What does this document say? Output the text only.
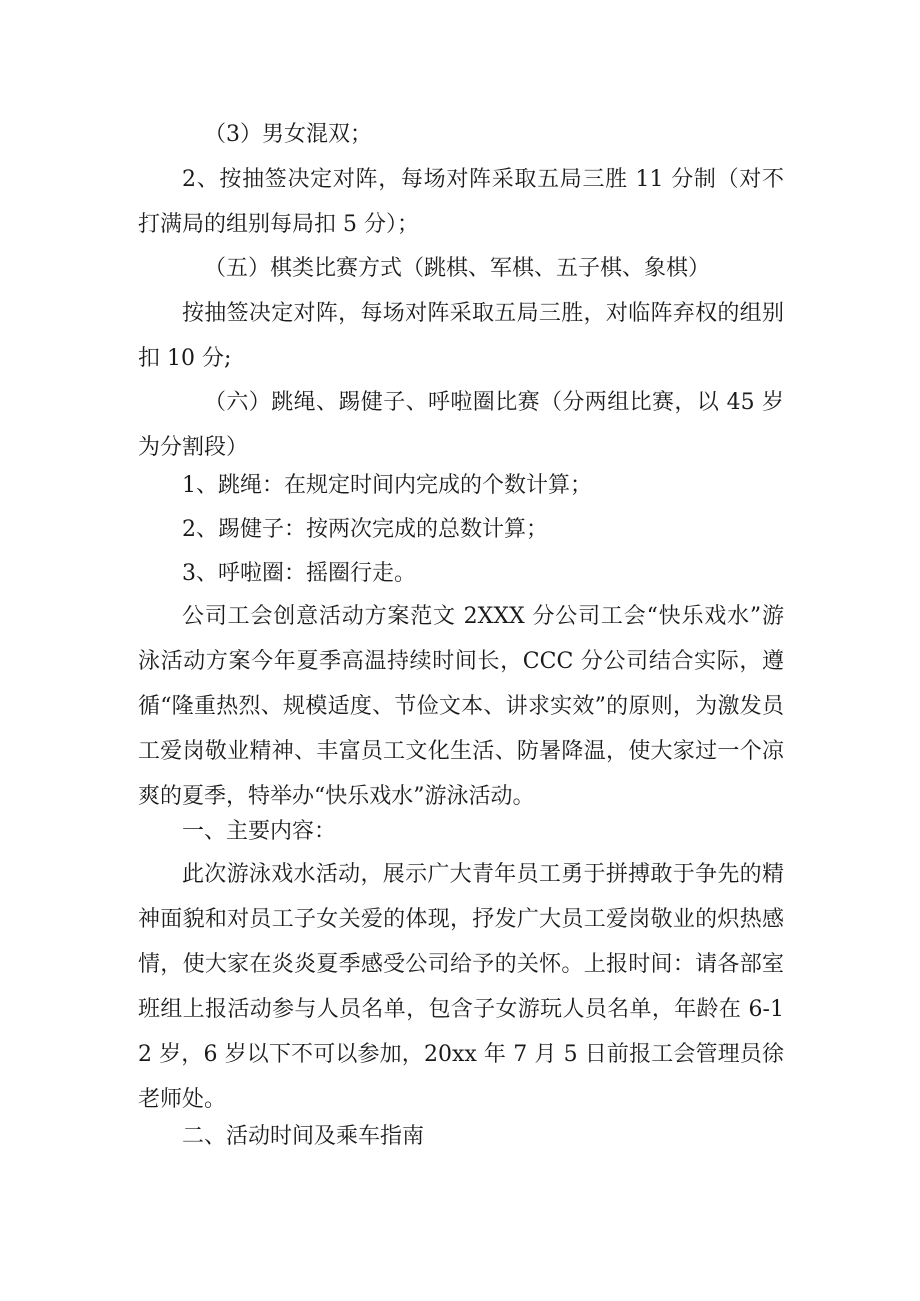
（3）男女混双；

2、按抽签决定对阵，每场对阵采取五局三胜 11 分制（对不打满局的组别每局扣 5 分）；

（五）棋类比赛方式（跳棋、军棋、五子棋、象棋）

按抽签决定对阵，每场对阵采取五局三胜，对临阵弃权的组别扣 10 分;

（六）跳绳、踢健子、呼啦圈比赛（分两组比赛，以 45 岁为分割段）

1、跳绳：在规定时间内完成的个数计算；

2、踢健子：按两次完成的总数计算；

3、呼啦圈：摇圈行走。

公司工会创意活动方案范文 2XXX 分公司工会“快乐戏水”游泳活动方案今年夏季高温持续时间长，CCC 分公司结合实际，遵循“隆重热烈、规模适度、节俭文本、讲求实效”的原则，为激发员工爱岗敬业精神、丰富员工文化生活、防暑降温，使大家过一个凉爽的夏季，特举办“快乐戏水”游泳活动。

一、主要内容：

此次游泳戏水活动，展示广大青年员工勇于拼搏敢于争先的精神面貌和对员工子女关爱的体现，抒发广大员工爱岗敬业的炽热感情，使大家在炎炎夏季感受公司给予的关怀。上报时间：请各部室班组上报活动参与人员名单，包含子女游玩人员名单，年龄在 6-12 岁，6 岁以下不可以参加，20xx 年 7 月 5 日前报工会管理员徐老师处。

二、活动时间及乘车指南
